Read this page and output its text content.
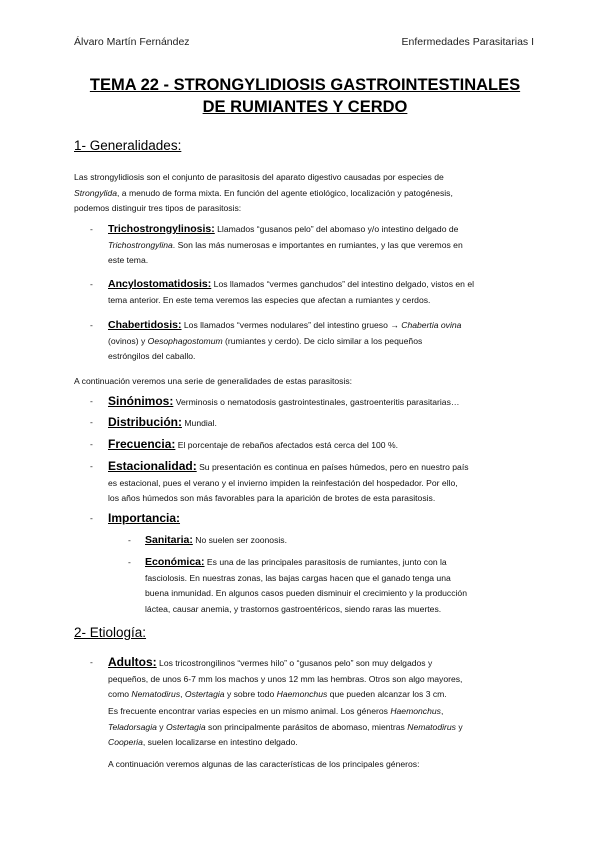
Álvaro Martín Fernández	Enfermedades Parasitarias I
TEMA 22 - STRONGYLIDIOSIS GASTROINTESTINALES
DE RUMIANTES Y CERDO
1- Generalidades:
Las strongylidiosis son el conjunto de parasitosis del aparato digestivo causadas por especies de
Strongylida, a menudo de forma mixta. En función del agente etiológico, localización y patogénesis,
podemos distinguir tres tipos de parasitosis:
-	Trichostrongylinosis: Llamados “gusanos pelo” del abomaso y/o intestino delgado de
Trichostrongylina. Son las más numerosas e importantes en rumiantes, y las que veremos en
este tema.
-	Ancylostomatidosis: Los llamados “vermes ganchudos” del intestino delgado, vistos en el
tema anterior. En este tema veremos las especies que afectan a rumiantes y cerdos.
-	Chabertidosis: Los llamados “vermes nodulares” del intestino grueso → Chabertia ovina
(ovinos) y Oesophagostomum (rumiantes y cerdo). De ciclo similar a los pequeños
estróngilos del caballo.
A continuación veremos una serie de generalidades de estas parasitosis:
-	Sinónimos: Verminosis o nematodosis gastrointestinales, gastroenteritis parasitarias…
-	Distribución: Mundial.
-	Frecuencia: El porcentaje de rebaños afectados está cerca del 100 %.
-	Estacionalidad: Su presentación es continua en países húmedos, pero en nuestro país
es estacional, pues el verano y el invierno impiden la reinfestación del hospedador. Por ello,
los años húmedos son más favorables para la aparición de brotes de esta parasitosis.
-	Importancia:
- Sanitaria: No suelen ser zoonosis.
- Económica: Es una de las principales parasitosis de rumiantes, junto con la
fasciolosis. En nuestras zonas, las bajas cargas hacen que el ganado tenga una
buena inmunidad. En algunos casos pueden disminuir el crecimiento y la producción
láctea, causar anemia, y trastornos gastroentéricos, siendo raras las muertes.
2- Etiología:
-	Adultos: Los tricostrongilinos “vermes hilo” o “gusanos pelo” son muy delgados y
pequeños, de unos 6-7 mm los machos y unos 12 mm las hembras. Otros son algo mayores,
como Nematodirus, Ostertagia y sobre todo Haemonchus que pueden alcanzar los 3 cm.
Es frecuente encontrar varias especies en un mismo animal. Los géneros Haemonchus,
Teladorsagia y Ostertagia son principalmente parásitos de abomaso, mientras Nematodirus y
Cooperia, suelen localizarse en intestino delgado.
A continuación veremos algunas de las características de los principales géneros:
